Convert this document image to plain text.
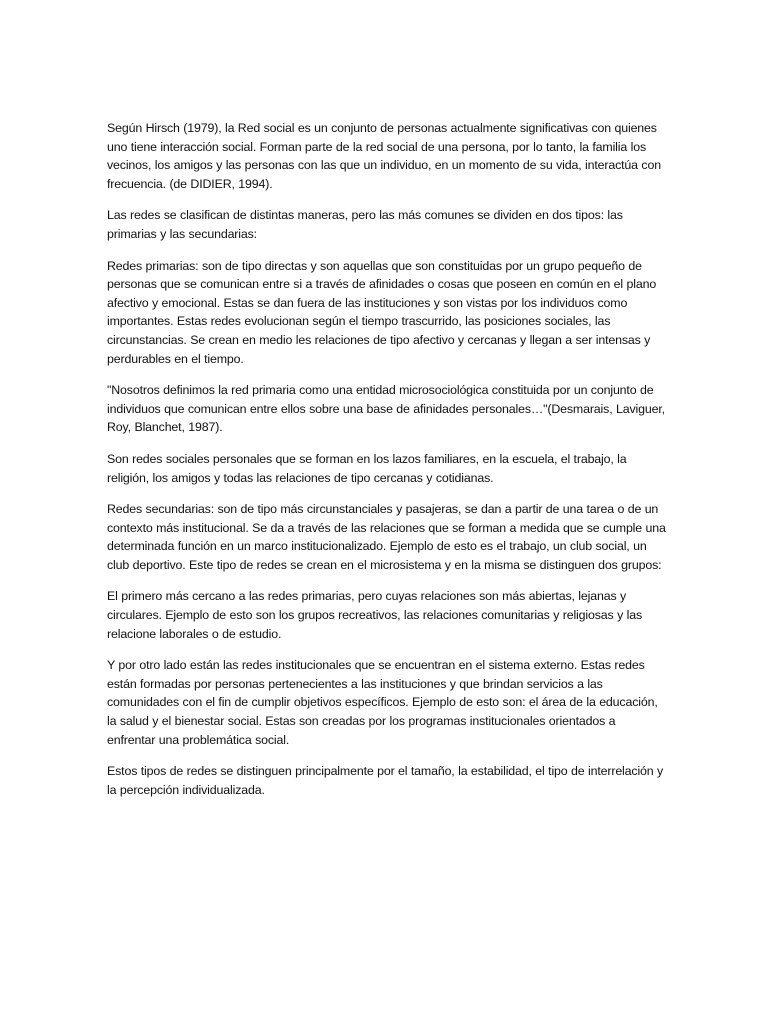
Según Hirsch (1979), la Red social es un conjunto de personas actualmente significativas con quienes uno tiene interacción social. Forman parte de la red social de una persona, por lo tanto, la familia los vecinos, los amigos y las personas con las que un individuo, en un momento de su vida, interactúa con frecuencia. (de DIDIER, 1994).

Las redes se clasifican de distintas maneras, pero las más comunes se dividen en dos tipos: las primarias y las secundarias:

Redes primarias: son de tipo directas y son aquellas que son constituidas por un grupo pequeño de personas que se comunican entre si a través de afinidades o cosas que poseen en común en el plano afectivo y emocional. Estas se dan fuera de las instituciones y son vistas por los individuos como importantes. Estas redes evolucionan según el tiempo trascurrido, las posiciones sociales, las circunstancias. Se crean en medio les relaciones de tipo afectivo y cercanas y llegan a ser intensas y perdurables en el tiempo.

"Nosotros definimos la red primaria como una entidad microsociológica constituida por un conjunto de individuos que comunican entre ellos sobre una base de afinidades personales…"(Desmarais, Laviguer, Roy, Blanchet, 1987).

Son redes sociales personales que se forman en los lazos familiares, en la escuela, el trabajo, la religión, los amigos y todas las relaciones de tipo cercanas y cotidianas.

Redes secundarias: son de tipo más circunstanciales y pasajeras, se dan a partir de una tarea o de un contexto más institucional. Se da a través de las relaciones que se forman a medida que se cumple una determinada función en un marco institucionalizado. Ejemplo de esto es el trabajo, un club social, un club deportivo. Este tipo de redes se crean en el microsistema y en la misma se distinguen dos grupos:

El primero más cercano a las redes primarias, pero cuyas relaciones son más abiertas, lejanas y circulares. Ejemplo de esto son los grupos recreativos, las relaciones comunitarias y religiosas y las relacione laborales o de estudio.

Y por otro lado están las redes institucionales que se encuentran en el sistema externo. Estas redes están formadas por personas pertenecientes a las instituciones y que brindan servicios a las comunidades con el fin de cumplir objetivos específicos. Ejemplo de esto son: el área de la educación, la salud y el bienestar social. Estas son creadas por los programas institucionales orientados a enfrentar una problemática social.

Estos tipos de redes se distinguen principalmente por el tamaño, la estabilidad, el tipo de interrelación y la percepción individualizada.
